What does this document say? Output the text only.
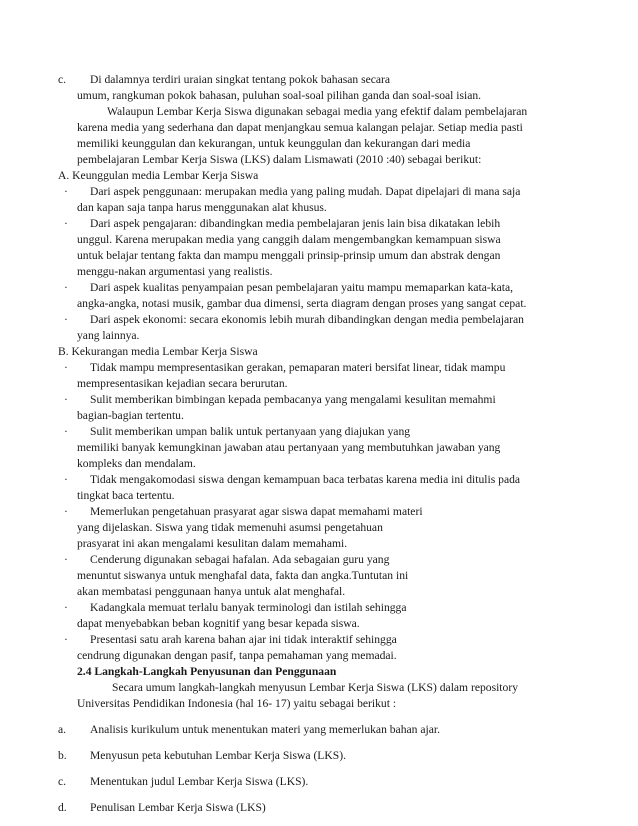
c. Di dalamnya terdiri uraian singkat tentang pokok bahasan secara
umum, rangkuman pokok bahasan, puluhan soal-soal pilihan ganda dan soal-soal isian.
Walaupun Lembar Kerja Siswa digunakan sebagai media yang efektif dalam pembelajaran
karena media yang sederhana dan dapat menjangkau semua kalangan pelajar. Setiap media pasti
memiliki keunggulan dan kekurangan, untuk keunggulan dan kekurangan dari media
pembelajaran Lembar Kerja Siswa (LKS) dalam Lismawati (2010 :40) sebagai berikut:
A. Keunggulan media Lembar Kerja Siswa
· Dari aspek penggunaan: merupakan media yang paling mudah. Dapat dipelajari di mana saja
dan kapan saja tanpa harus menggunakan alat khusus.
· Dari aspek pengajaran: dibandingkan media pembelajaran jenis lain bisa dikatakan lebih
unggul. Karena merupakan media yang canggih dalam mengembangkan kemampuan siswa
untuk belajar tentang fakta dan mampu menggali prinsip-prinsip umum dan abstrak dengan
menggu-nakan argumentasi yang realistis.
· Dari aspek kualitas penyampaian pesan pembelajaran yaitu mampu memaparkan kata-kata,
angka-angka, notasi musik, gambar dua dimensi, serta diagram dengan proses yang sangat cepat.
· Dari aspek ekonomi: secara ekonomis lebih murah dibandingkan dengan media pembelajaran
yang lainnya.
B. Kekurangan media Lembar Kerja Siswa
· Tidak mampu mempresentasikan gerakan, pemaparan materi bersifat linear, tidak mampu
mempresentasikan kejadian secara berurutan.
· Sulit memberikan bimbingan kepada pembacanya yang mengalami kesulitan memahmi
bagian-bagian tertentu.
· Sulit memberikan umpan balik untuk pertanyaan yang diajukan yang
memiliki banyak kemungkinan jawaban atau pertanyaan yang membutuhkan jawaban yang
kompleks dan mendalam.
· Tidak mengakomodasi siswa dengan kemampuan baca terbatas karena media ini ditulis pada
tingkat baca tertentu.
· Memerlukan pengetahuan prasyarat agar siswa dapat memahami materi
yang dijelaskan. Siswa yang tidak memenuhi asumsi pengetahuan
prasyarat ini akan mengalami kesulitan dalam memahami.
· Cenderung digunakan sebagai hafalan. Ada sebagaian guru yang
menuntut siswanya untuk menghafal data, fakta dan angka.Tuntutan ini
akan membatasi penggunaan hanya untuk alat menghafal.
· Kadangkala memuat terlalu banyak terminologi dan istilah sehingga
dapat menyebabkan beban kognitif yang besar kepada siswa.
· Presentasi satu arah karena bahan ajar ini tidak interaktif sehingga
cendrung digunakan dengan pasif, tanpa pemahaman yang memadai.
2.4 Langkah-Langkah Penyusunan dan Penggunaan
Secara umum langkah-langkah menyusun Lembar Kerja Siswa (LKS) dalam repository
Universitas Pendidikan Indonesia (hal 16- 17) yaitu sebagai berikut :
a. Analisis kurikulum untuk menentukan materi yang memerlukan bahan ajar.
b. Menyusun peta kebutuhan Lembar Kerja Siswa (LKS).
c. Menentukan judul Lembar Kerja Siswa (LKS).
d. Penulisan Lembar Kerja Siswa (LKS)
